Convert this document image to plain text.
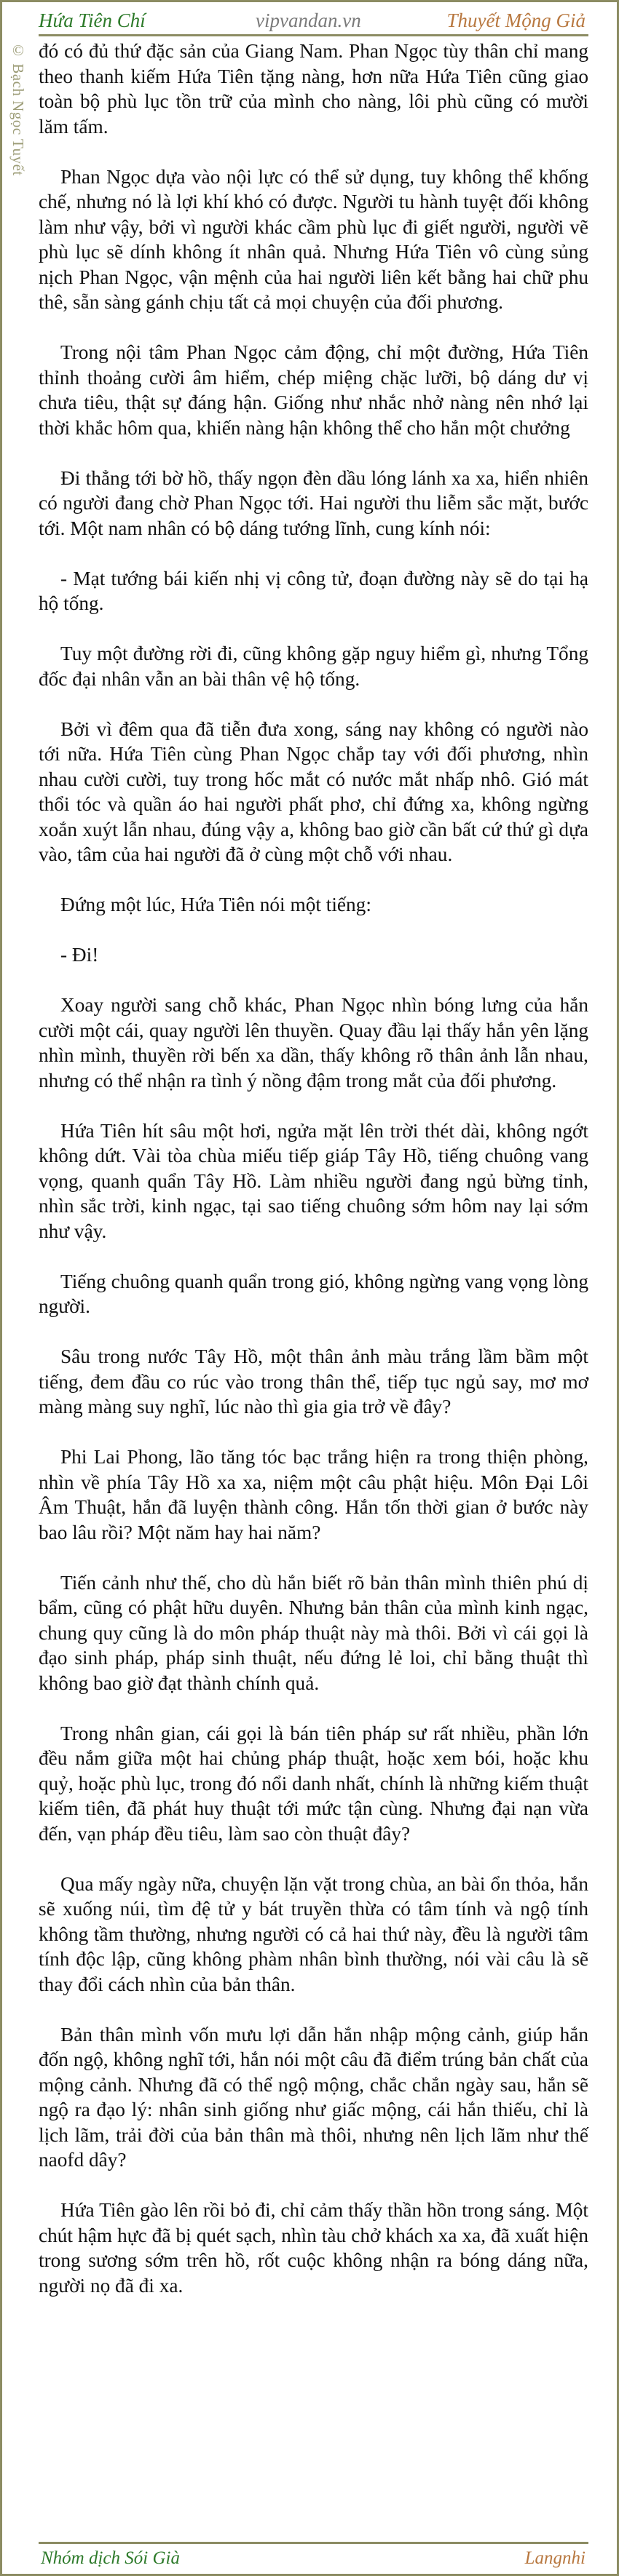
Hứa Tiên Chí	vipvandan.vn	Thuyết Mộng Giả
© Bạch Ngọc Tuyết đó có đủ thứ đặc sản của Giang Nam. Phan Ngọc tùy thân chỉ mang theo thanh kiếm Hứa Tiên tặng nàng, hơn nữa Hứa Tiên cũng giao toàn bộ phù lục tồn trữ của mình cho nàng, lôi phù cũng có mười lăm tấm.

Phan Ngọc dựa vào nội lực có thể sử dụng, tuy không thể khống chế, nhưng nó là lợi khí khó có được. Người tu hành tuyệt đối không làm như vậy, bởi vì người khác cầm phù lục đi giết người, người vẽ phù lục sẽ dính không ít nhân quả. Nhưng Hứa Tiên vô cùng sủng nịch Phan Ngọc, vận mệnh của hai người liên kết bằng hai chữ phu thê, sẵn sàng gánh chịu tất cả mọi chuyện của đối phương.

Trong nội tâm Phan Ngọc cảm động, chỉ một đường, Hứa Tiên thỉnh thoảng cười âm hiểm, chép miệng chặc lưỡi, bộ dáng dư vị chưa tiêu, thật sự đáng hận. Giống như nhắc nhở nàng nên nhớ lại thời khắc hôm qua, khiến nàng hận không thể cho hắn một chưởng

Đi thẳng tới bờ hồ, thấy ngọn đèn dầu lóng lánh xa xa, hiển nhiên có người đang chờ Phan Ngọc tới. Hai người thu liễm sắc mặt, bước tới. Một nam nhân có bộ dáng tướng lĩnh, cung kính nói:

- Mạt tướng bái kiến nhị vị công tử, đoạn đường này sẽ do tại hạ hộ tống.

Tuy một đường rời đi, cũng không gặp nguy hiểm gì, nhưng Tổng đốc đại nhân vẫn an bài thân vệ hộ tống.

Bởi vì đêm qua đã tiễn đưa xong, sáng nay không có người nào tới nữa. Hứa Tiên cùng Phan Ngọc chắp tay với đối phương, nhìn nhau cười cười, tuy trong hốc mắt có nước mắt nhấp nhô. Gió mát thổi tóc và quần áo hai người phất phơ, chỉ đứng xa, không ngừng xoắn xuýt lẫn nhau, đúng vậy a, không bao giờ cần bất cứ thứ gì dựa vào, tâm của hai người đã ở cùng một chỗ với nhau.

Đứng một lúc, Hứa Tiên nói một tiếng:

- Đi!

Xoay người sang chỗ khác, Phan Ngọc nhìn bóng lưng của hắn cười một cái, quay người lên thuyền. Quay đầu lại thấy hắn yên lặng nhìn mình, thuyền rời bến xa dần, thấy không rõ thân ảnh lẫn nhau, nhưng có thể nhận ra tình ý nồng đậm trong mắt của đối phương.

Hứa Tiên hít sâu một hơi, ngửa mặt lên trời thét dài, không ngớt không dứt. Vài tòa chùa miếu tiếp giáp Tây Hồ, tiếng chuông vang vọng, quanh quẩn Tây Hồ. Làm nhiều người đang ngủ bừng tỉnh, nhìn sắc trời, kinh ngạc, tại sao tiếng chuông sớm hôm nay lại sớm như vậy.

Tiếng chuông quanh quẩn trong gió, không ngừng vang vọng lòng người.

Sâu trong nước Tây Hồ, một thân ảnh màu trắng lầm bầm một tiếng, đem đầu co rúc vào trong thân thể, tiếp tục ngủ say, mơ mơ màng màng suy nghĩ, lúc nào thì gia gia trở về đây?

Phi Lai Phong, lão tăng tóc bạc trắng hiện ra trong thiện phòng, nhìn về phía Tây Hồ xa xa, niệm một câu phật hiệu. Môn Đại Lôi Âm Thuật, hắn đã luyện thành công. Hắn tốn thời gian ở bước này bao lâu rồi? Một năm hay hai năm?

Tiến cảnh như thế, cho dù hắn biết rõ bản thân mình thiên phú dị bẩm, cũng có phật hữu duyên. Nhưng bản thân của mình kinh ngạc, chung quy cũng là do môn pháp thuật này mà thôi. Bởi vì cái gọi là đạo sinh pháp, pháp sinh thuật, nếu đứng lẻ loi, chỉ bằng thuật thì không bao giờ đạt thành chính quả.

Trong nhân gian, cái gọi là bán tiên pháp sư rất nhiều, phần lớn đều nắm giữa một hai chủng pháp thuật, hoặc xem bói, hoặc khu quỷ, hoặc phù lục, trong đó nổi danh nhất, chính là những kiếm thuật kiếm tiên, đã phát huy thuật tới mức tận cùng. Nhưng đại nạn vừa đến, vạn pháp đều tiêu, làm sao còn thuật đây?

Qua mấy ngày nữa, chuyện lặn vặt trong chùa, an bài ổn thỏa, hắn sẽ xuống núi, tìm đệ tử y bát truyền thừa có tâm tính và ngộ tính không tầm thường, nhưng người có cả hai thứ này, đều là người tâm tính độc lập, cũng không phàm nhân bình thường, nói vài câu là sẽ thay đổi cách nhìn của bản thân.

Bản thân mình vốn mưu lợi dẫn hắn nhập mộng cảnh, giúp hắn đốn ngộ, không nghĩ tới, hắn nói một câu đã điểm trúng bản chất của mộng cảnh. Nhưng đã có thể ngộ mộng, chắc chắn ngày sau, hắn sẽ ngộ ra đạo lý: nhân sinh giống như giấc mộng, cái hắn thiếu, chỉ là lịch lãm, trải đời của bản thân mà thôi, nhưng nên lịch lãm như thế naofd dây?

Hứa Tiên gào lên rồi bỏ đi, chỉ cảm thấy thần hồn trong sáng. Một chút hậm hực đã bị quét sạch, nhìn tàu chở khách xa xa, đã xuất hiện trong sương sớm trên hồ, rốt cuộc không nhận ra bóng dáng nữa, người nọ đã đi xa.

Nhóm dịch Sói Già	Langnhi
